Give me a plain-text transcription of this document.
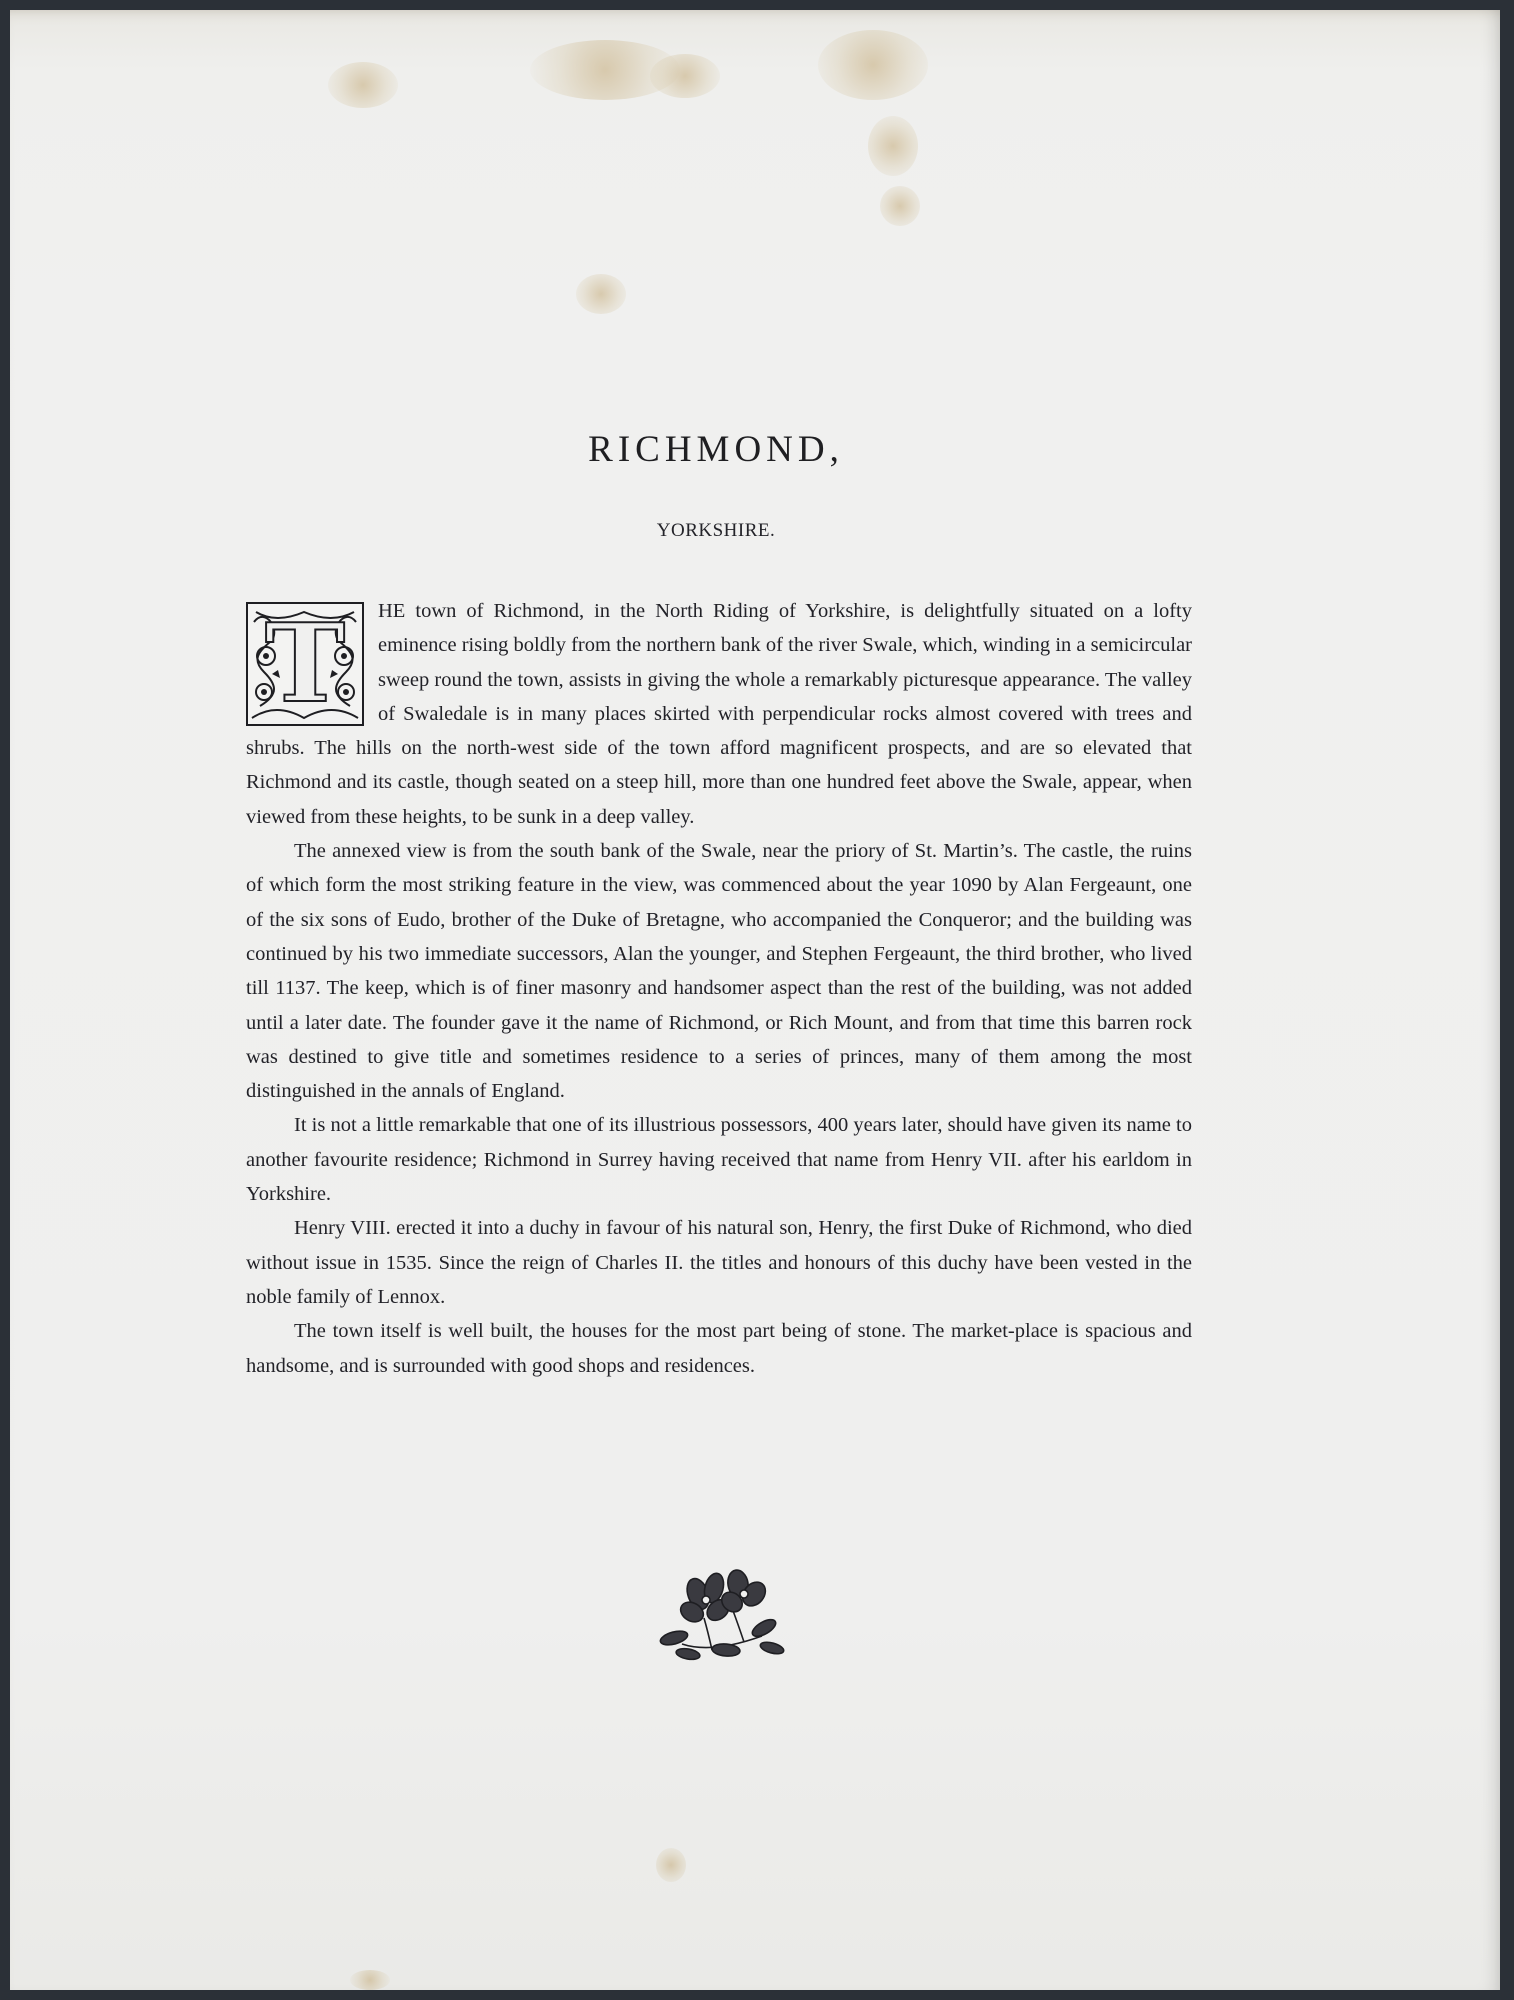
RICHMOND,
YORKSHIRE.

T	HE town of Richmond, in the North Riding of Yorkshire, is delightfully situated on a lofty eminence rising boldly from the northern bank of the river Swale, which, winding in a semicircular sweep round the town, assists in giving the whole a remarkably picturesque appearance. The valley of Swaledale is in many places skirted with perpendicular rocks almost covered with trees and shrubs. The hills on the north-west side of the town afford magnificent prospects, and are so elevated that Richmond and its castle, though seated on a steep hill, more than one hundred feet above the Swale, appear, when viewed from these heights, to be sunk in a deep valley.

The annexed view is from the south bank of the Swale, near the priory of St. Martin’s. The castle, the ruins of which form the most striking feature in the view, was commenced about the year 1090 by Alan Fergeaunt, one of the six sons of Eudo, brother of the Duke of Bretagne, who accompanied the Conqueror; and the building was continued by his two immediate successors, Alan the younger, and Stephen Fergeaunt, the third brother, who lived till 1137. The keep, which is of finer masonry and handsomer aspect than the rest of the building, was not added until a later date. The founder gave it the name of Richmond, or Rich Mount, and from that time this barren rock was destined to give title and sometimes residence to a series of princes, many of them among the most distinguished in the annals of England.

It is not a little remarkable that one of its illustrious possessors, 400 years later, should have given its name to another favourite residence; Richmond in Surrey having received that name from Henry VII. after his earldom in Yorkshire.

Henry VIII. erected it into a duchy in favour of his natural son, Henry, the first Duke of Richmond, who died without issue in 1535. Since the reign of Charles II. the titles and honours of this duchy have been vested in the noble family of Lennox.

The town itself is well built, the houses for the most part being of stone. The market-place is spacious and handsome, and is surrounded with good shops and residences.
